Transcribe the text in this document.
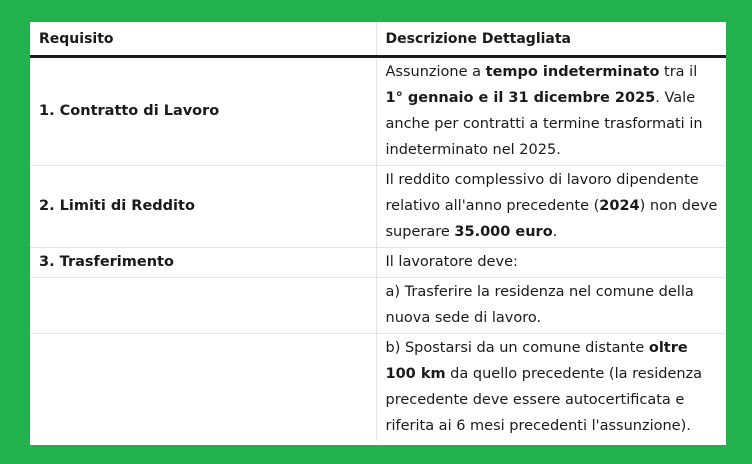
Requisito	Descrizione Dettagliata
1. Contratto di Lavoro	Assunzione a tempo indeterminato tra il 1° gennaio e il 31 dicembre 2025. Vale anche per contratti a termine trasformati in indeterminato nel 2025.
2. Limiti di Reddito	Il reddito complessivo di lavoro dipendente relativo all'anno precedente (2024) non deve superare 35.000 euro.
3. Trasferimento	Il lavoratore deve:
	a) Trasferire la residenza nel comune della nuova sede di lavoro.
	b) Spostarsi da un comune distante oltre 100 km da quello precedente (la residenza precedente deve essere autocertificata e riferita ai 6 mesi precedenti l'assunzione).
